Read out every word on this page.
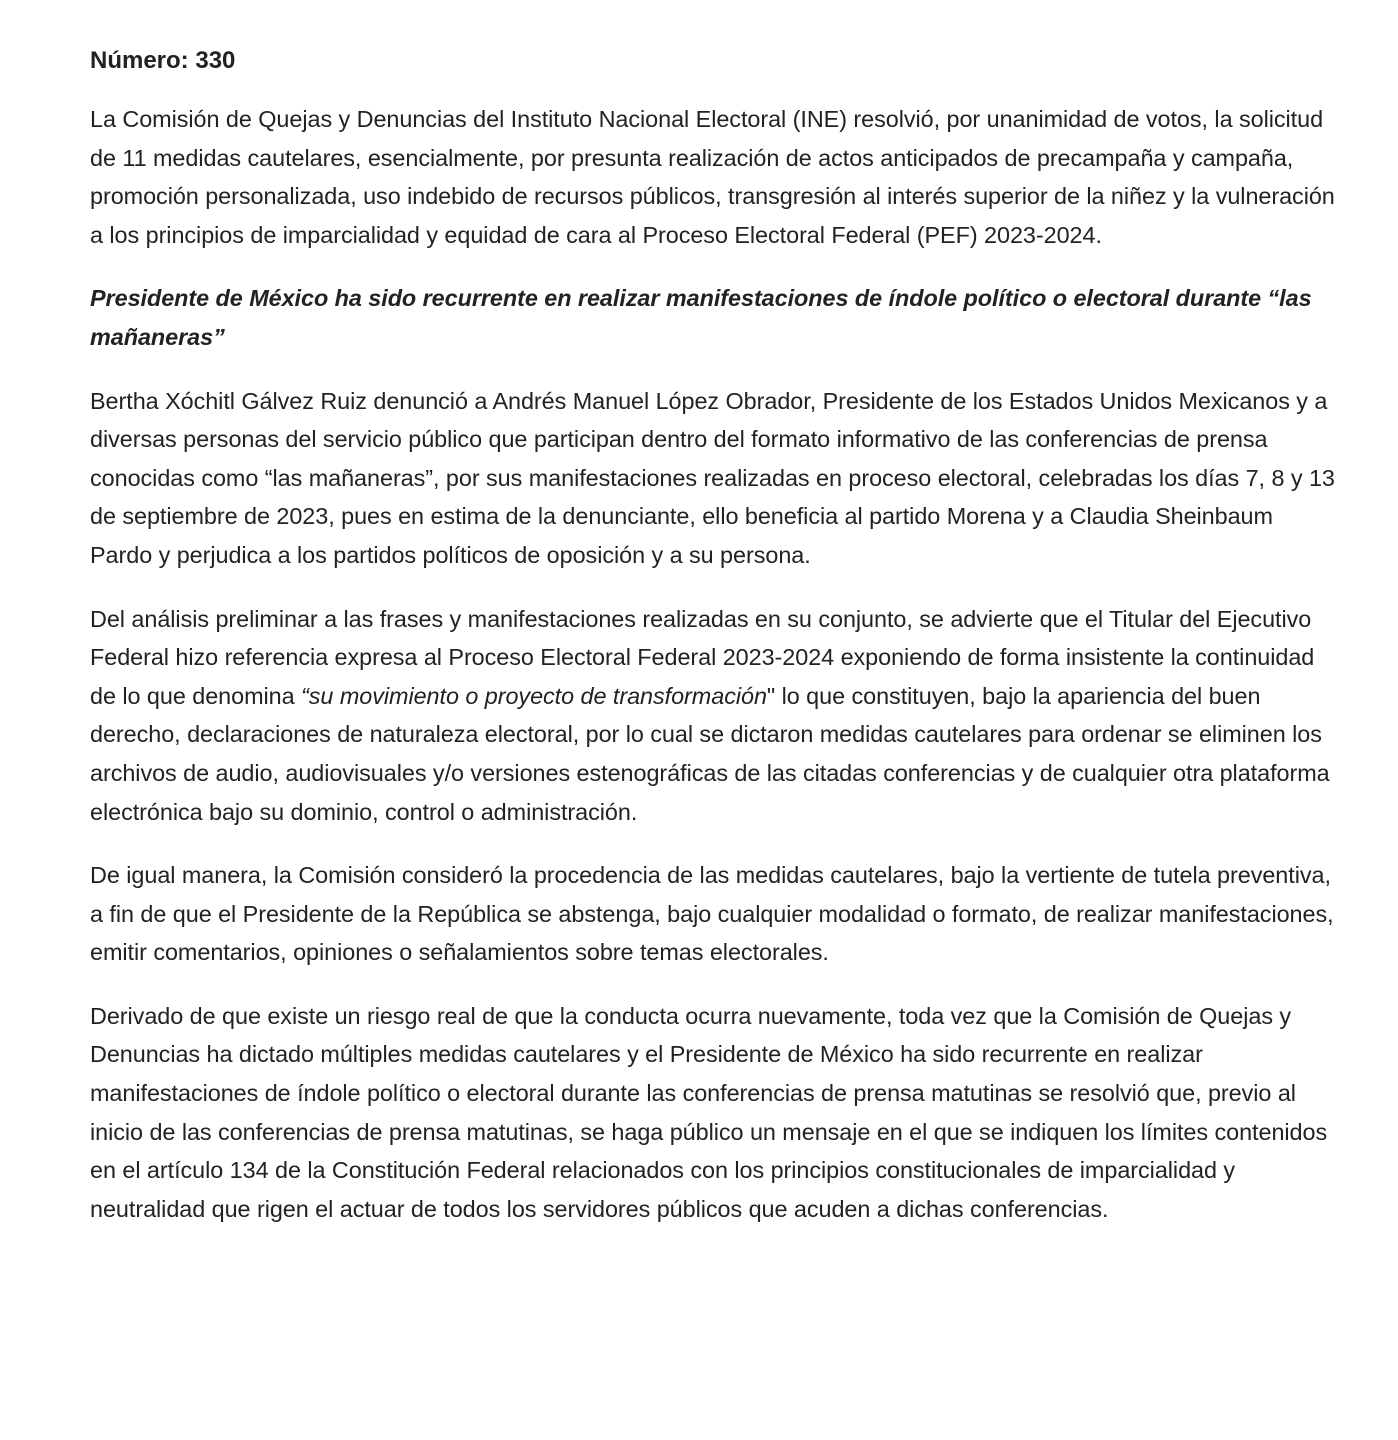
Número: 330

La Comisión de Quejas y Denuncias del Instituto Nacional Electoral (INE) resolvió, por unanimidad de votos, la solicitud de 11 medidas cautelares, esencialmente, por presunta realización de actos anticipados de precampaña y campaña, promoción personalizada, uso indebido de recursos públicos, transgresión al interés superior de la niñez y la vulneración a los principios de imparcialidad y equidad de cara al Proceso Electoral Federal (PEF) 2023-2024.

Presidente de México ha sido recurrente en realizar manifestaciones de índole político o electoral durante “las mañaneras”

Bertha Xóchitl Gálvez Ruiz denunció a Andrés Manuel López Obrador, Presidente de los Estados Unidos Mexicanos y a diversas personas del servicio público que participan dentro del formato informativo de las conferencias de prensa conocidas como “las mañaneras”, por sus manifestaciones realizadas en proceso electoral, celebradas los días 7, 8 y 13 de septiembre de 2023, pues en estima de la denunciante, ello beneficia al partido Morena y a Claudia Sheinbaum Pardo y perjudica a los partidos políticos de oposición y a su persona.

Del análisis preliminar a las frases y manifestaciones realizadas en su conjunto, se advierte que el Titular del Ejecutivo Federal hizo referencia expresa al Proceso Electoral Federal 2023-2024 exponiendo de forma insistente la continuidad de lo que denomina “su movimiento o proyecto de transformación" lo que constituyen, bajo la apariencia del buen derecho, declaraciones de naturaleza electoral, por lo cual se dictaron medidas cautelares para ordenar se eliminen los archivos de audio, audiovisuales y/o versiones estenográficas de las citadas conferencias y de cualquier otra plataforma electrónica bajo su dominio, control o administración.

De igual manera, la Comisión consideró la procedencia de las medidas cautelares, bajo la vertiente de tutela preventiva, a fin de que el Presidente de la República se abstenga, bajo cualquier modalidad o formato, de realizar manifestaciones, emitir comentarios, opiniones o señalamientos sobre temas electorales.

Derivado de que existe un riesgo real de que la conducta ocurra nuevamente, toda vez que la Comisión de Quejas y Denuncias ha dictado múltiples medidas cautelares y el Presidente de México ha sido recurrente en realizar manifestaciones de índole político o electoral durante las conferencias de prensa matutinas se resolvió que, previo al inicio de las conferencias de prensa matutinas, se haga público un mensaje en el que se indiquen los límites contenidos en el artículo 134 de la Constitución Federal relacionados con los principios constitucionales de imparcialidad y neutralidad que rigen el actuar de todos los servidores públicos que acuden a dichas conferencias.
